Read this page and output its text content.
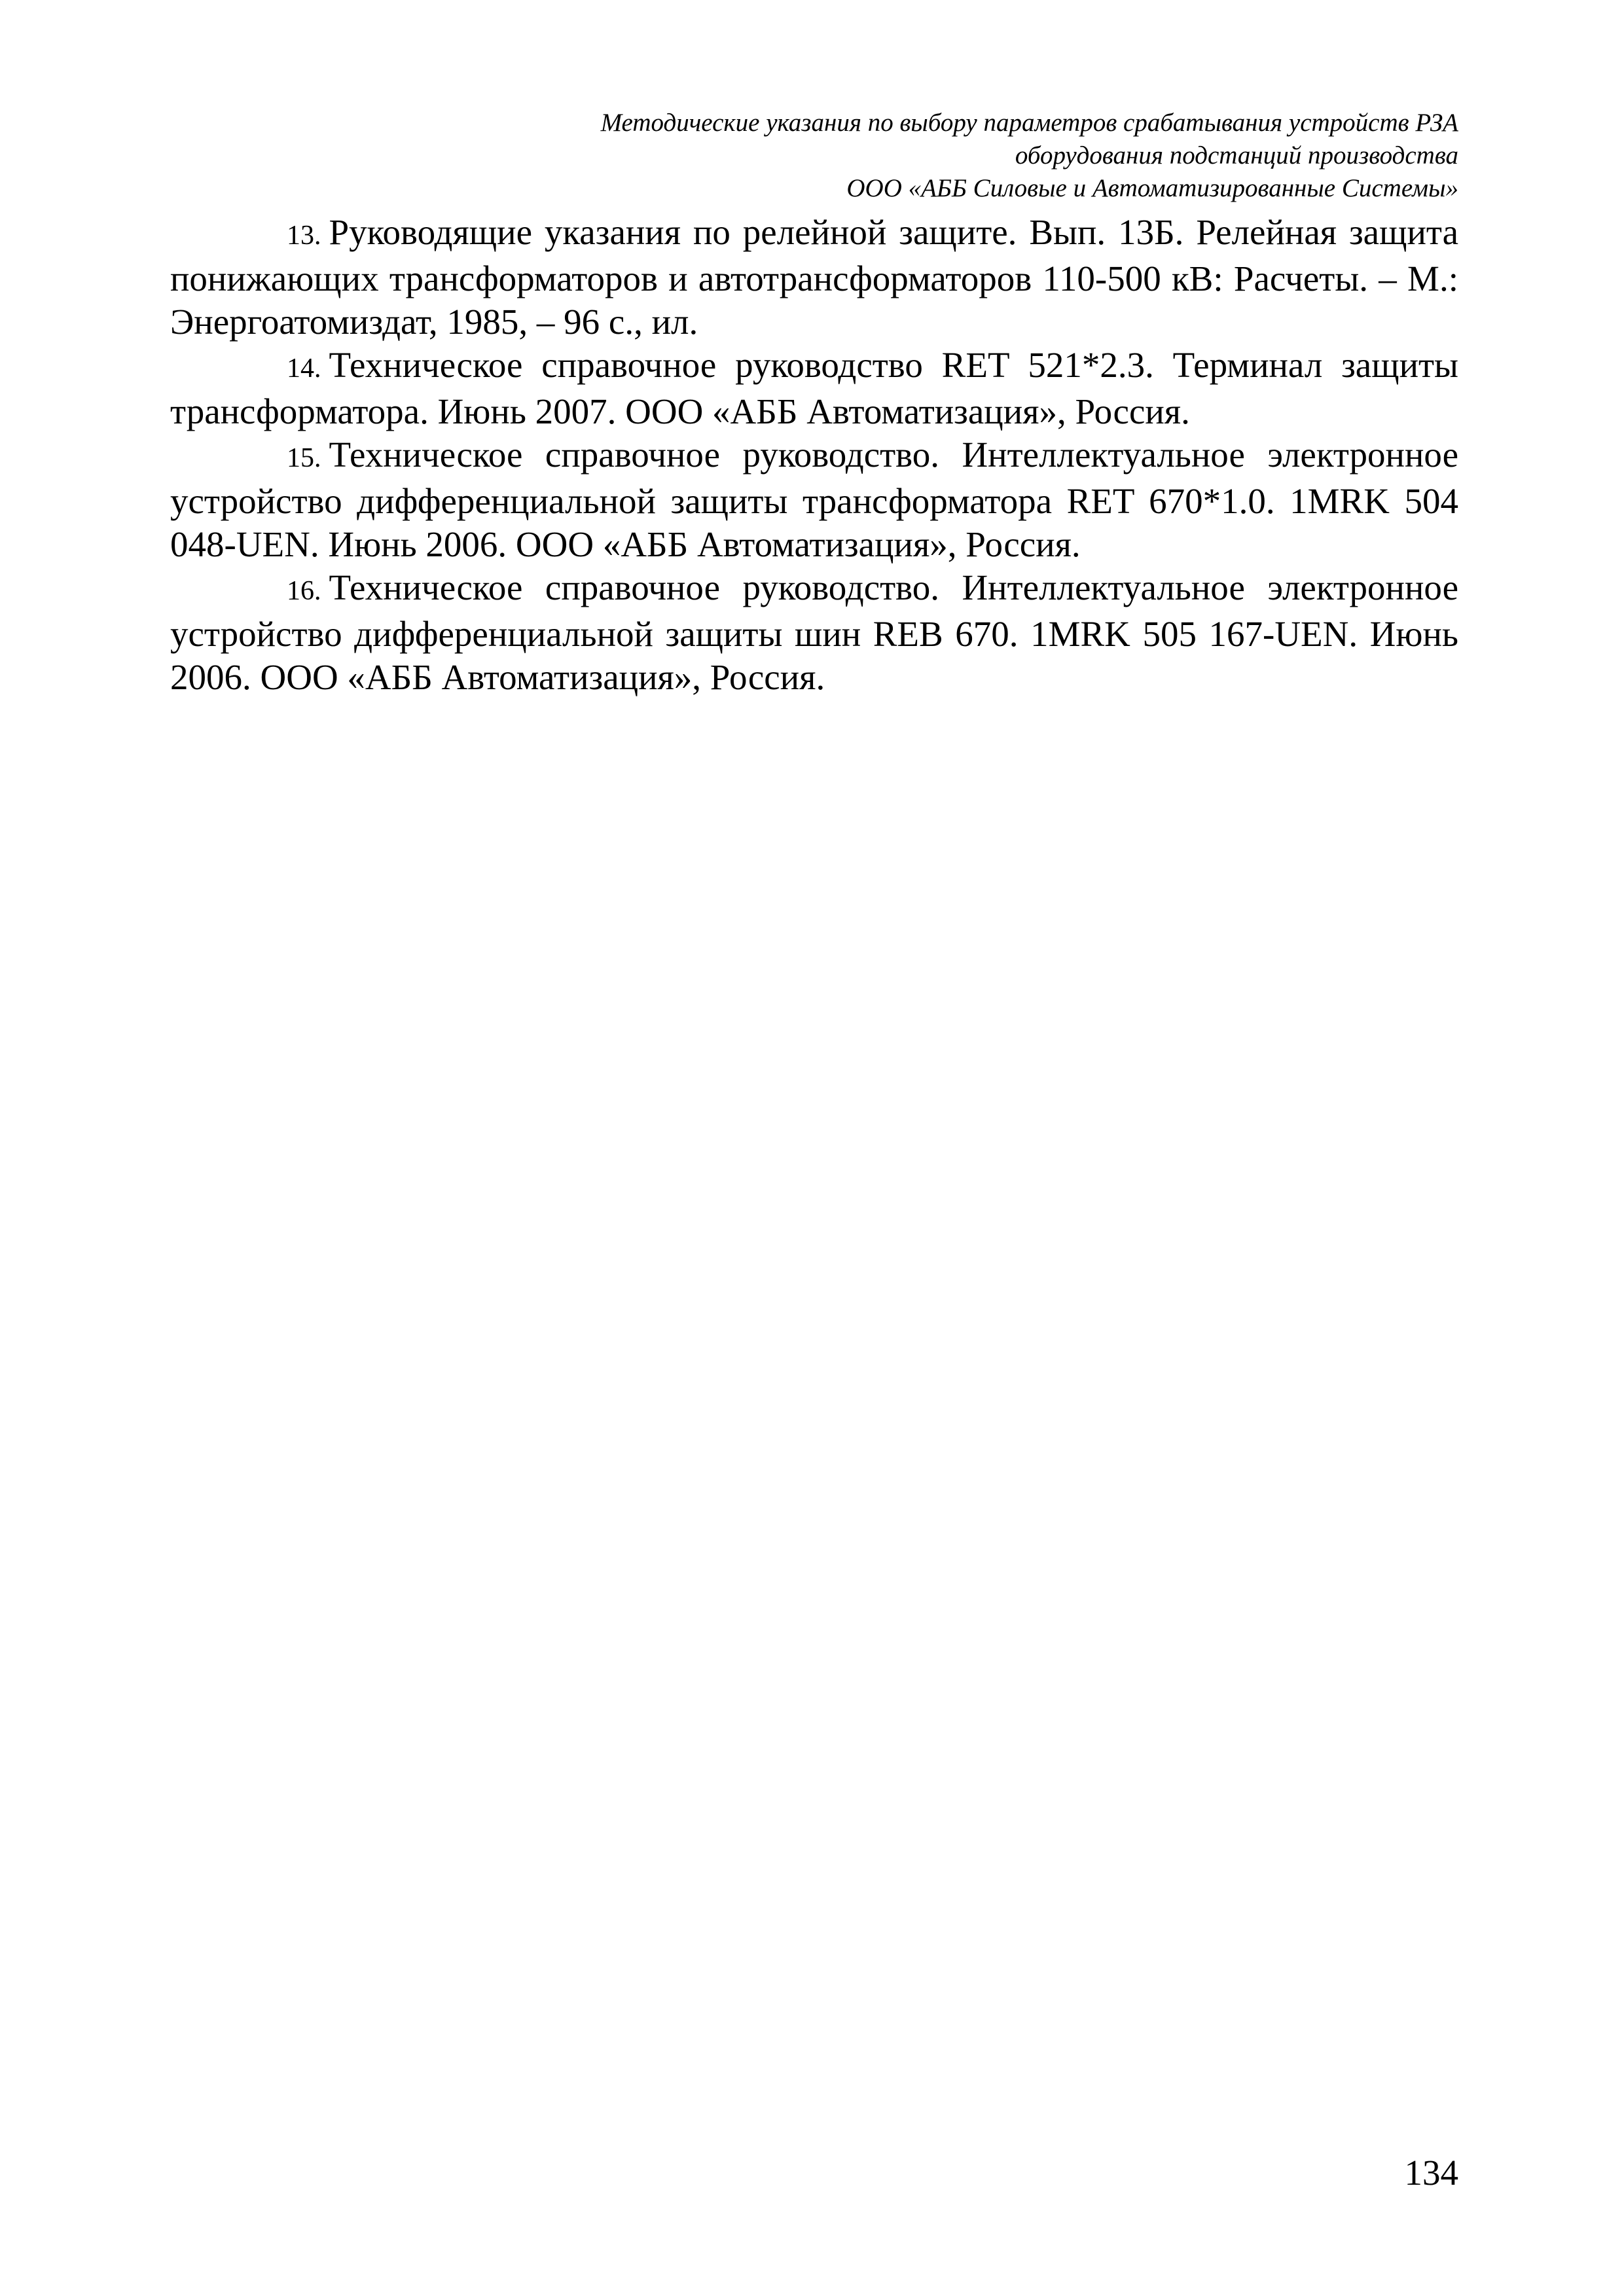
Методические указания по выбору параметров срабатывания устройств РЗА
оборудования подстанций производства
ООО «АББ Силовые и Автоматизированные Системы»

13. Руководящие указания по релейной защите. Вып. 13Б. Релейная защита понижающих трансформаторов и автотрансформаторов 110-500 кВ: Расчеты. – М.: Энергоатомиздат, 1985, – 96 с., ил.

14. Техническое справочное руководство RET 521*2.3. Терминал защиты трансформатора. Июнь 2007. ООО «АББ Автоматизация», Россия.

15. Техническое справочное руководство. Интеллектуальное электронное устройство дифференциальной защиты трансформатора RET 670*1.0. 1MRK 504 048-UEN. Июнь 2006. ООО «АББ Автоматизация», Россия.

16. Техническое справочное руководство. Интеллектуальное электронное устройство дифференциальной защиты шин REB 670. 1MRK 505 167-UEN. Июнь 2006. ООО «АББ Автоматизация», Россия.

134
